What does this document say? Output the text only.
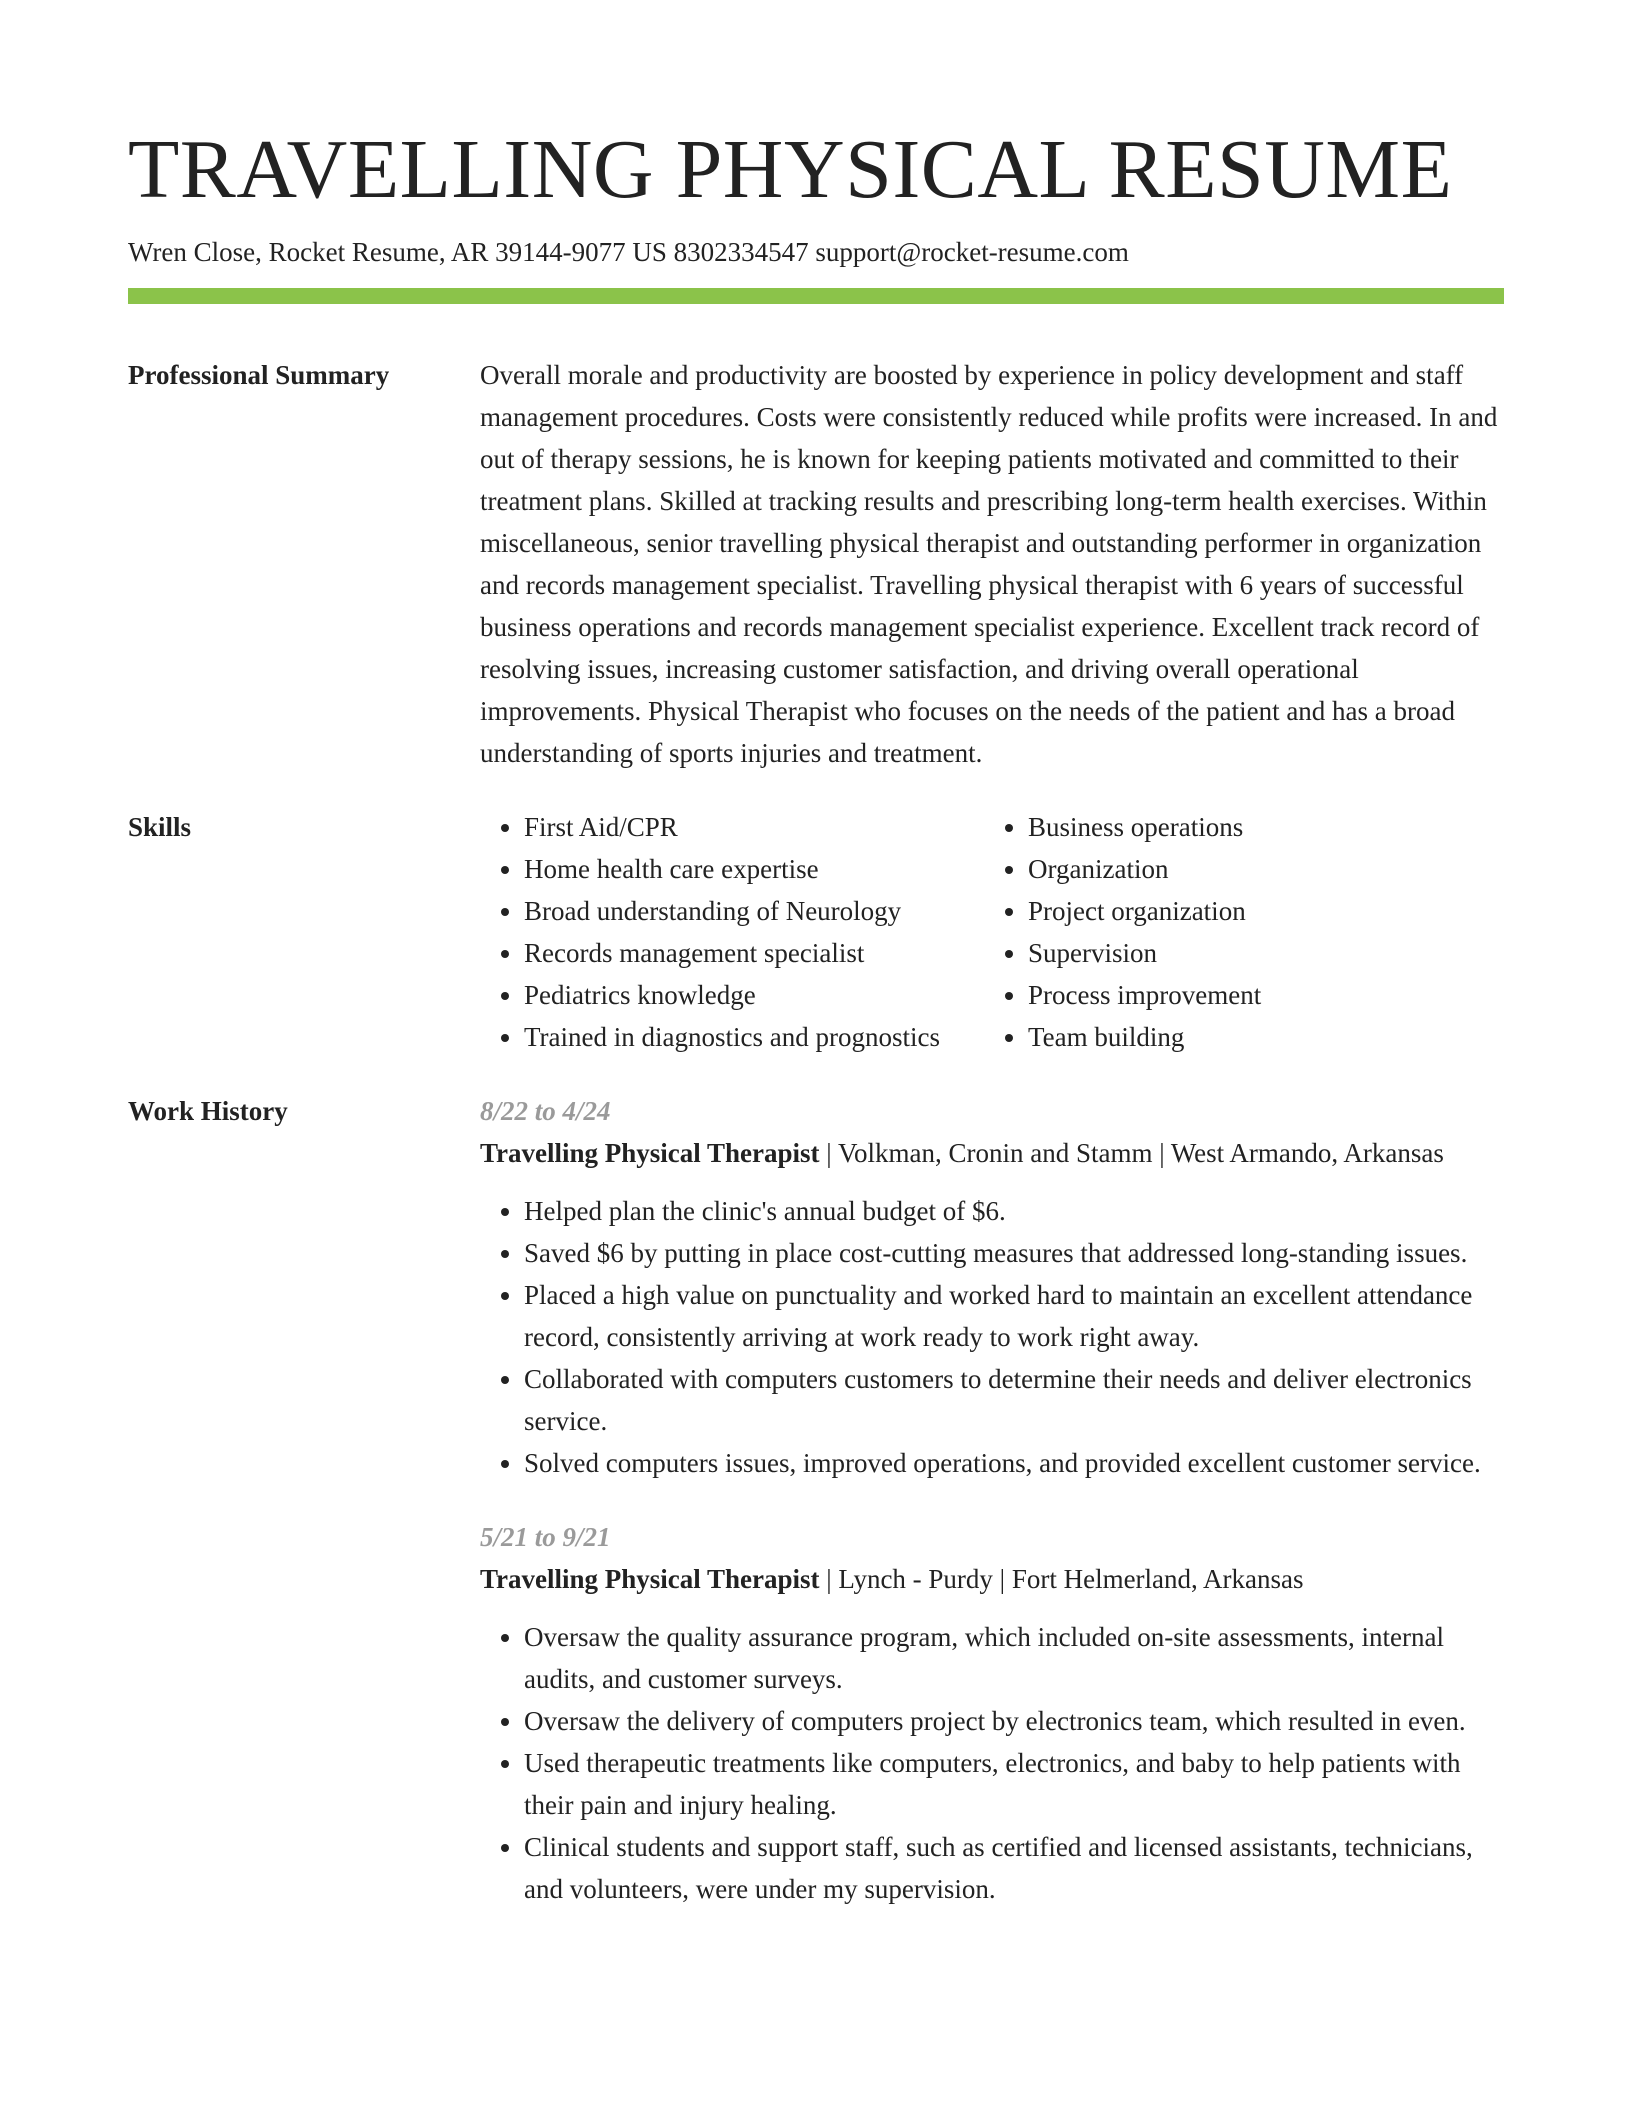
TRAVELLING PHYSICAL RESUME
Wren Close, Rocket Resume, AR 39144-9077 US 8302334547 support@rocket-resume.com
Professional Summary	Overall morale and productivity are boosted by experience in policy development and staff management procedures. Costs were consistently reduced while profits were increased. In and out of therapy sessions, he is known for keeping patients motivated and committed to their treatment plans. Skilled at tracking results and prescribing long-term health exercises. Within miscellaneous, senior travelling physical therapist and outstanding performer in organization and records management specialist. Travelling physical therapist with 6 years of successful business operations and records management specialist experience. Excellent track record of resolving issues, increasing customer satisfaction, and driving overall operational improvements. Physical Therapist who focuses on the needs of the patient and has a broad understanding of sports injuries and treatment.

Skills
•	First Aid/CPR
• Home health care expertise
• Broad understanding of Neurology
• Records management specialist
• Pediatrics knowledge
• Trained in diagnostics and prognostics
• Business operations
• Organization
• Project organization
• Supervision
• Process improvement
• Team building
Work History	8/22 to 4/24
Travelling Physical Therapist | Volkman, Cronin and Stamm | West Armando, Arkansas
• Helped plan the clinic's annual budget of $6.
• Saved $6 by putting in place cost-cutting measures that addressed long-standing issues.
• Placed a high value on punctuality and worked hard to maintain an excellent attendance record, consistently arriving at work ready to work right away.
• Collaborated with computers customers to determine their needs and deliver electronics service.
• Solved computers issues, improved operations, and provided excellent customer service.
5/21 to 9/21
Travelling Physical Therapist | Lynch - Purdy | Fort Helmerland, Arkansas
• Oversaw the quality assurance program, which included on-site assessments, internal audits, and customer surveys.
• Oversaw the delivery of computers project by electronics team, which resulted in even.
• Used therapeutic treatments like computers, electronics, and baby to help patients with their pain and injury healing.
• Clinical students and support staff, such as certified and licensed assistants, technicians, and volunteers, were under my supervision.
